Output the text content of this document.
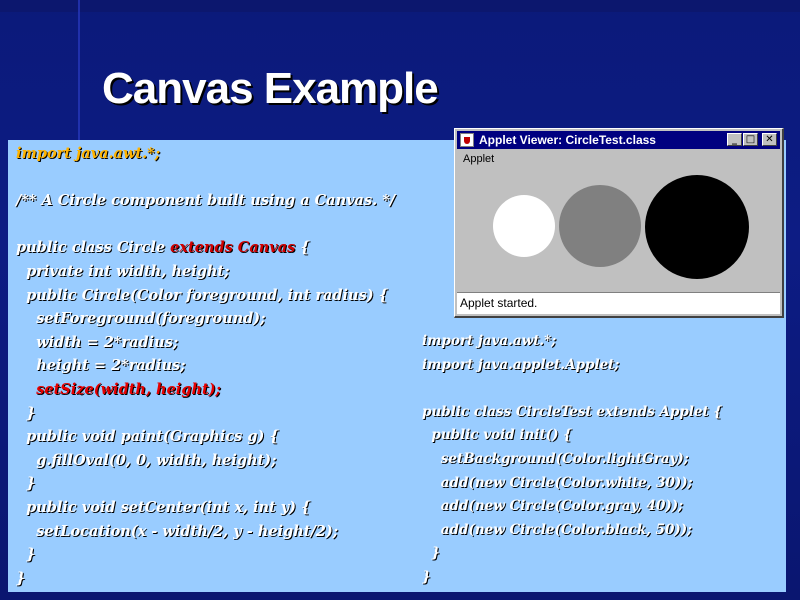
Canvas Example
import java.awt.*;
/** A Circle component built using a Canvas. */
public class Circle extends Canvas {
private int width, height;
public Circle(Color foreground, int radius) {
setForeground(foreground);
width = 2*radius;
height = 2*radius;
setSize(width, height);
}
public void paint(Graphics g) {
g.fillOval(0, 0, width, height);
}
public void setCenter(int x, int y) {
setLocation(x - width/2, y - height/2);
}
}
import java.awt.*;
import java.applet.Applet;
public class CircleTest extends Applet {
public void init() {
setBackground(Color.lightGray);
add(new Circle(Color.white, 30));
add(new Circle(Color.gray, 40));
add(new Circle(Color.black, 50));
}
}
Applet Viewer: CircleTest.class	_ □	✕
Applet
Applet started.
